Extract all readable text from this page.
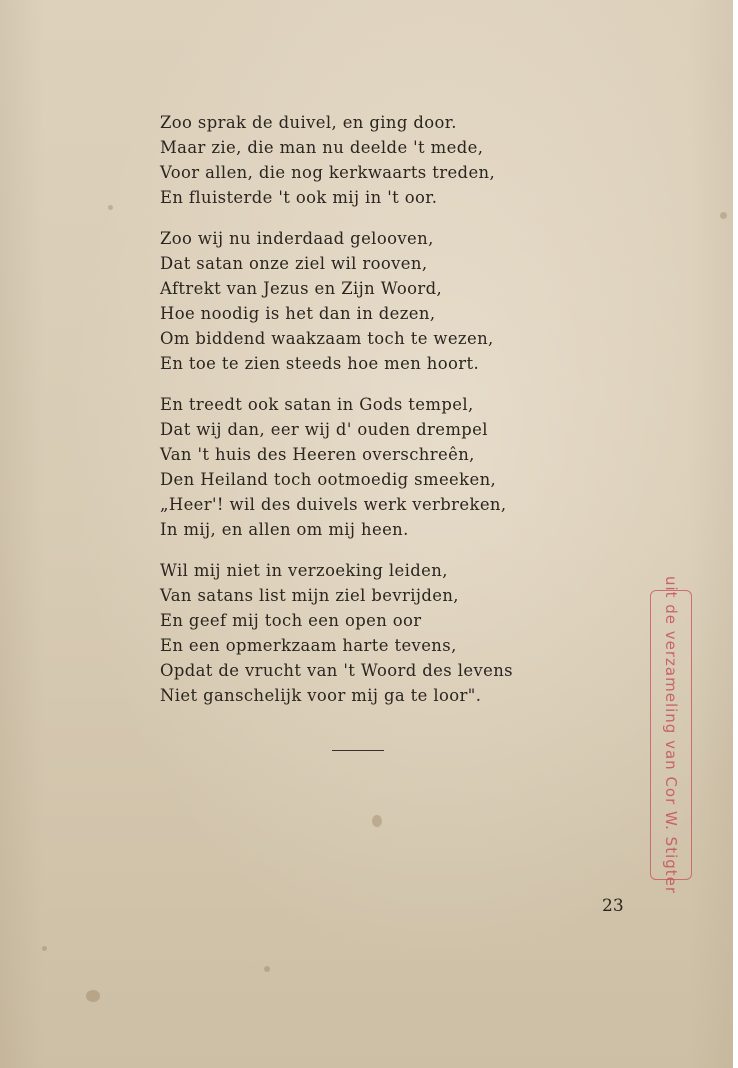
Zoo sprak de duivel, en ging door.
Maar zie, die man nu deelde 't mede,
Voor allen, die nog kerkwaarts treden,
En fluisterde 't ook mij in 't oor.
Zoo wij nu inderdaad gelooven,
Dat satan onze ziel wil rooven,
Aftrekt van Jezus en Zijn Woord,
Hoe noodig is het dan in dezen,
Om biddend waakzaam toch te wezen,
En toe te zien steeds hoe men hoort.
En treedt ook satan in Gods tempel,
Dat wij dan, eer wij d' ouden drempel
Van 't huis des Heeren overschreên,
Den Heiland toch ootmoedig smeeken,
„Heer'! wil des duivels werk verbreken,
In mij, en allen om mij heen.
Wil mij niet in verzoeking leiden,
Van satans list mijn ziel bevrijden,
En geef mij toch een open oor
En een opmerkzaam harte tevens,
Opdat de vrucht van 't Woord des levens
Niet ganschelijk voor mij ga te loor".	uit de verzameling van Cor W. Stigter
23
